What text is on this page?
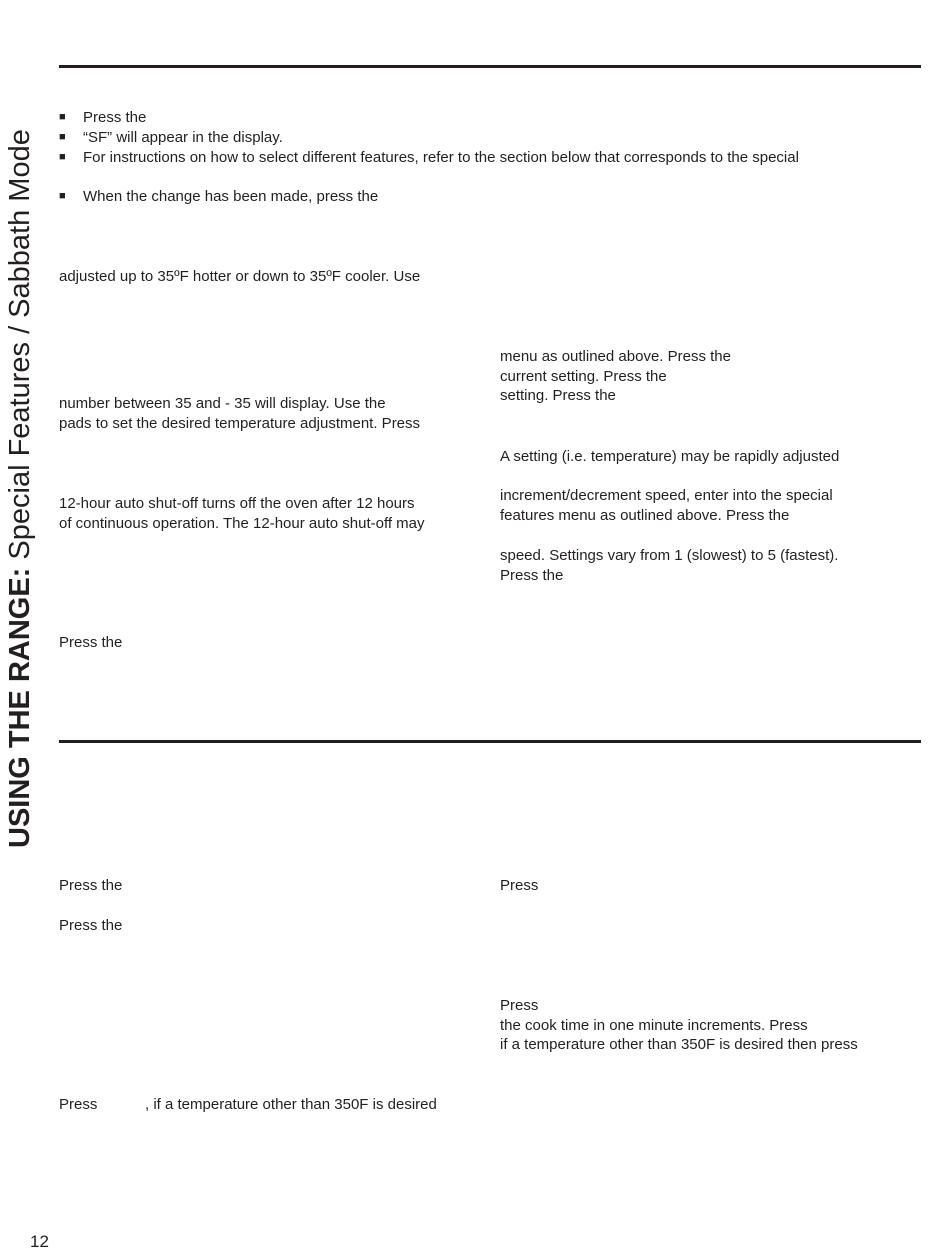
USING THE RANGE: Special Features / Sabbath Mode
■ Press the
■ “SF” will appear in the display.
■ For instructions on how to select different features, refer to the section below that corresponds to the special
■ When the change has been made, press the
adjusted up to 35ºF hotter or down to 35ºF cooler. Use
number between 35 and - 35 will display. Use the
pads to set the desired temperature adjustment. Press
12-hour auto shut-off turns off the oven after 12 hours
of continuous operation. The 12-hour auto shut-off may
Press the
menu as outlined above. Press the
current setting. Press the
setting. Press the
A setting (i.e. temperature) may be rapidly adjusted
increment/decrement speed, enter into the special
features menu as outlined above. Press the
speed. Settings vary from 1 (slowest) to 5 (fastest).
Press the
Press the
Press the
Press	, if a temperature other than 350F is desired
Press
Press
the cook time in one minute increments. Press
if a temperature other than 350F is desired then press
12
